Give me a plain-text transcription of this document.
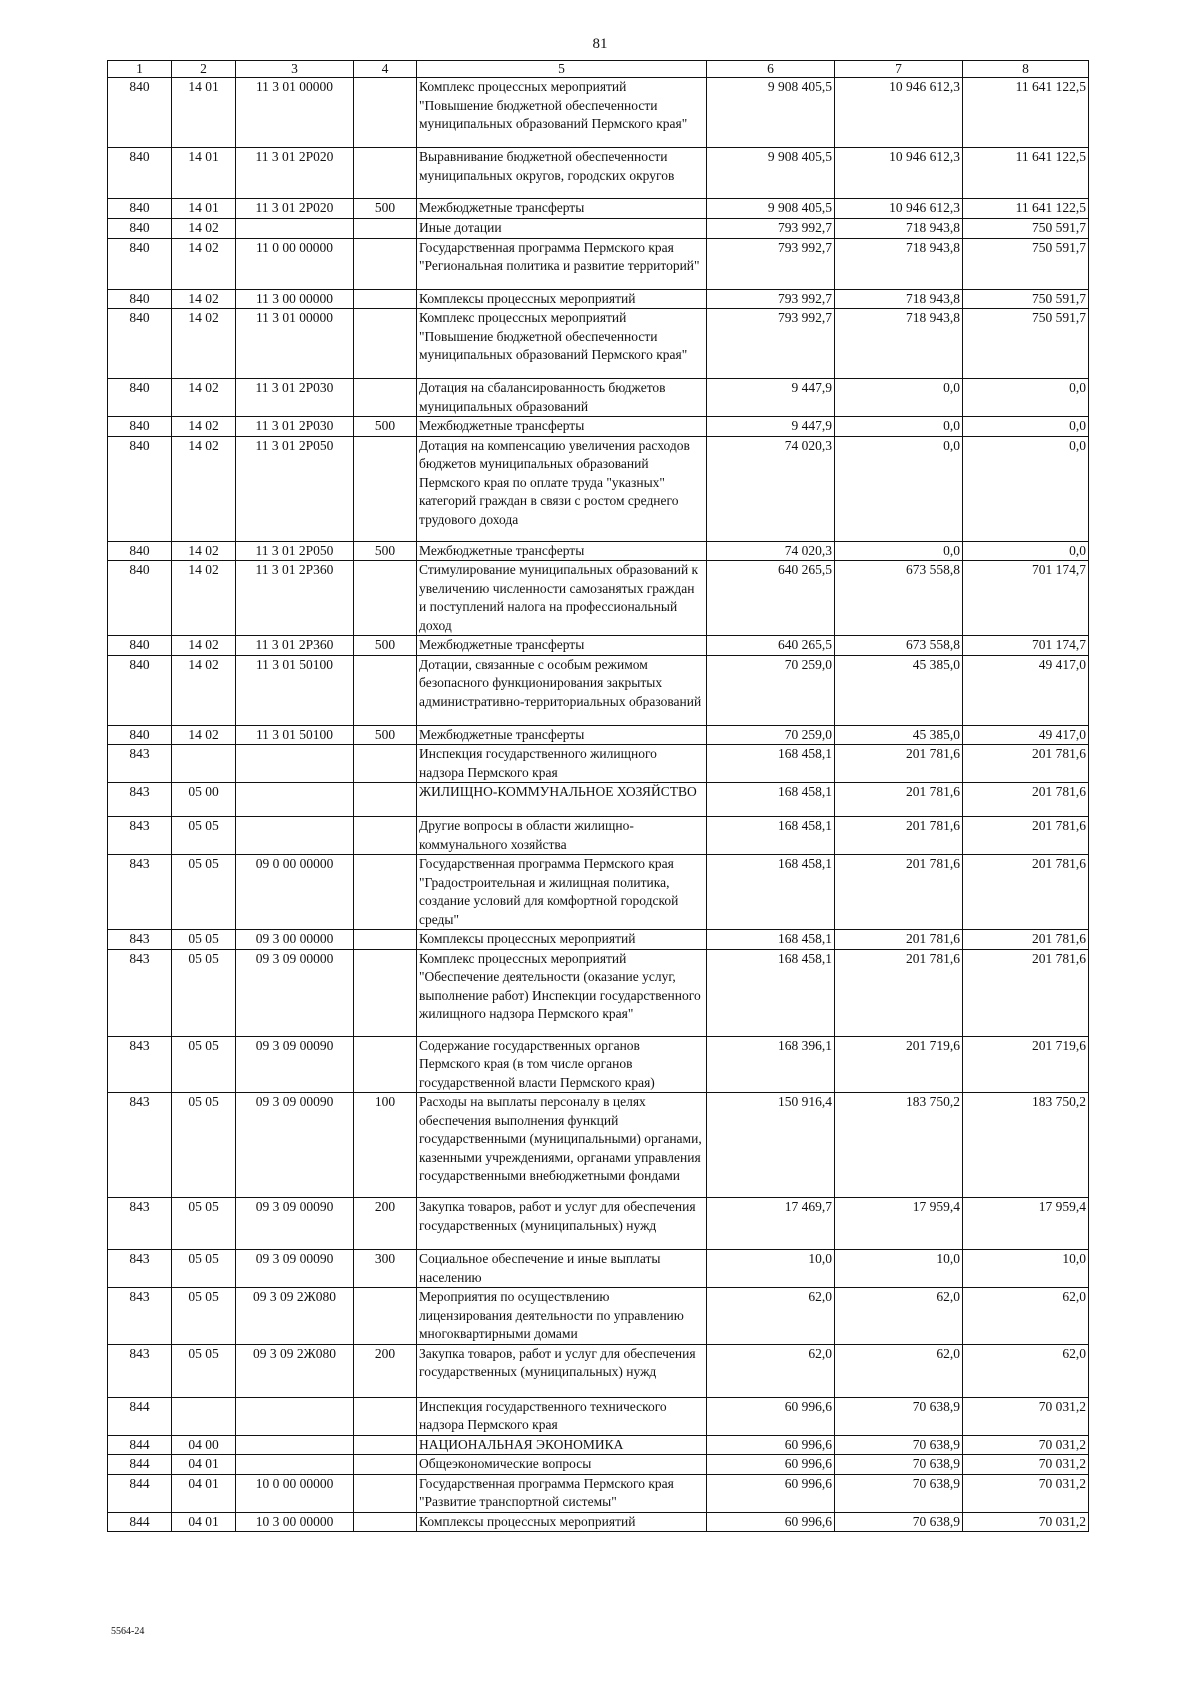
81
1	2	3	4	5	6	7	8
840	14 01	11 3 01 00000		Комплекс процессных мероприятий "Повышение бюджетной обеспеченности муниципальных образований Пермского края"	9 908 405,5	10 946 612,3	11 641 122,5
840	14 01	11 3 01 2P020		Выравнивание бюджетной обеспеченности муниципальных округов, городских округов	9 908 405,5	10 946 612,3	11 641 122,5
840	14 01	11 3 01 2P020	500	Межбюджетные трансферты	9 908 405,5	10 946 612,3	11 641 122,5
840	14 02			Иные дотации	793 992,7	718 943,8	750 591,7
840	14 02	11 0 00 00000		Государственная программа Пермского края "Региональная политика и развитие территорий"	793 992,7	718 943,8	750 591,7
840	14 02	11 3 00 00000		Комплексы процессных мероприятий	793 992,7	718 943,8	750 591,7
840	14 02	11 3 01 00000		Комплекс процессных мероприятий "Повышение бюджетной обеспеченности муниципальных образований Пермского края"	793 992,7	718 943,8	750 591,7
840	14 02	11 3 01 2P030		Дотация на сбалансированность бюджетов муниципальных образований	9 447,9	0,0	0,0
840	14 02	11 3 01 2P030	500	Межбюджетные трансферты	9 447,9	0,0	0,0
840	14 02	11 3 01 2P050		Дотация на компенсацию увеличения расходов бюджетов муниципальных образований Пермского края по оплате труда "указных" категорий граждан в связи с ростом среднего трудового дохода	74 020,3	0,0	0,0
840	14 02	11 3 01 2P050	500	Межбюджетные трансферты	74 020,3	0,0	0,0
840	14 02	11 3 01 2P360		Стимулирование муниципальных образований к увеличению численности самозанятых граждан и поступлений налога на профессиональный доход	640 265,5	673 558,8	701 174,7
840	14 02	11 3 01 2P360	500	Межбюджетные трансферты	640 265,5	673 558,8	701 174,7
840	14 02	11 3 01 50100		Дотации, связанные с особым режимом безопасного функционирования закрытых административно-территориальных образований	70 259,0	45 385,0	49 417,0
840	14 02	11 3 01 50100	500	Межбюджетные трансферты	70 259,0	45 385,0	49 417,0
843				Инспекция государственного жилищного надзора Пермского края	168 458,1	201 781,6	201 781,6
843	05 00			ЖИЛИЩНО-КОММУНАЛЬНОЕ ХОЗЯЙСТВО	168 458,1	201 781,6	201 781,6
843	05 05			Другие вопросы в области жилищно-коммунального хозяйства	168 458,1	201 781,6	201 781,6
843	05 05	09 0 00 00000		Государственная программа Пермского края "Градостроительная и жилищная политика, создание условий для комфортной городской среды"	168 458,1	201 781,6	201 781,6
843	05 05	09 3 00 00000		Комплексы процессных мероприятий	168 458,1	201 781,6	201 781,6
843	05 05	09 3 09 00000		Комплекс процессных мероприятий "Обеспечение деятельности (оказание услуг, выполнение работ) Инспекции государственного жилищного надзора Пермского края"	168 458,1	201 781,6	201 781,6
843	05 05	09 3 09 00090		Содержание государственных органов Пермского края (в том числе органов государственной власти Пермского края)	168 396,1	201 719,6	201 719,6
843	05 05	09 3 09 00090	100	Расходы на выплаты персоналу в целях обеспечения выполнения функций государственными (муниципальными) органами, казенными учреждениями, органами управления государственными внебюджетными фондами	150 916,4	183 750,2	183 750,2
843	05 05	09 3 09 00090	200	Закупка товаров, работ и услуг для обеспечения государственных (муниципальных) нужд	17 469,7	17 959,4	17 959,4
843	05 05	09 3 09 00090	300	Социальное обеспечение и иные выплаты населению	10,0	10,0	10,0
843	05 05	09 3 09 2Ж080		Мероприятия по осуществлению лицензирования деятельности по управлению многоквартирными домами	62,0	62,0	62,0
843	05 05	09 3 09 2Ж080	200	Закупка товаров, работ и услуг для обеспечения государственных (муниципальных) нужд	62,0	62,0	62,0
844				Инспекция государственного технического надзора Пермского края	60 996,6	70 638,9	70 031,2
844	04 00			НАЦИОНАЛЬНАЯ ЭКОНОМИКА	60 996,6	70 638,9	70 031,2
844	04 01			Общеэкономические вопросы	60 996,6	70 638,9	70 031,2
844	04 01	10 0 00 00000		Государственная программа Пермского края "Развитие транспортной системы"	60 996,6	70 638,9	70 031,2
844	04 01	10 3 00 00000		Комплексы процессных мероприятий	60 996,6	70 638,9	70 031,2
5564-24
